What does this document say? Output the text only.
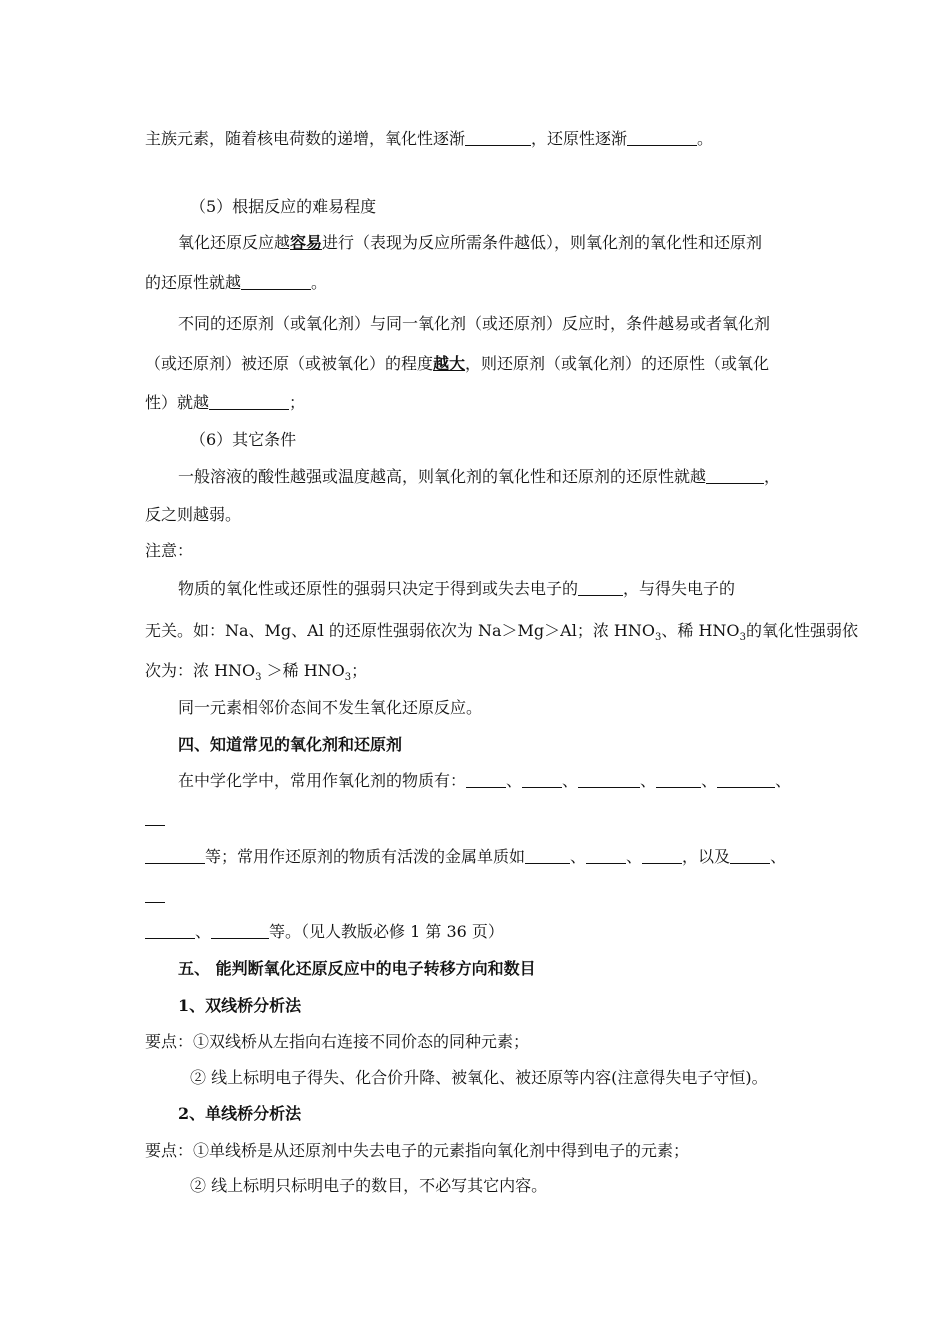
主族元素，随着核电荷数的递增，氧化性逐渐	，还原性逐渐	。
（5）根据反应的难易程度
氧化还原反应越容易进行（表现为反应所需条件越低），则氧化剂的氧化性和还原剂
的还原性就越	。
不同的还原剂（或氧化剂）与同一氧化剂（或还原剂）反应时，条件越易或者氧化剂
（或还原剂）被还原（或被氧化）的程度越大，则还原剂（或氧化剂）的还原性（或氧化
性）就越	；
（6）其它条件
一般溶液的酸性越强或温度越高，则氧化剂的氧化性和还原剂的还原性就越	，
反之则越弱。
注意：
物质的氧化性或还原性的强弱只决定于得到或失去电子的	，与得失电子的
无关。如：Na、Mg、Al 的还原性强弱依次为 Na＞Mg＞Al；浓 $HNO_3$、稀 $HNO_3$的氧化性强弱依
次为：浓 $HNO_3$ ＞稀 $HNO_3$；
同一元素相邻价态间不发生氧化还原反应。
四、知道常见的氧化剂和还原剂
在中学化学中，常用作氧化剂的物质有：	、	、	、	、	、
等；常用作还原剂的物质有活泼的金属单质如	、	、	，以及	、
、	等。（见人教版必修 1 第 36 页）
五、 能判断氧化还原反应中的电子转移方向和数目
1、双线桥分析法
要点：①双线桥从左指向右连接不同价态的同种元素；
② 线上标明电子得失、化合价升降、被氧化、被还原等内容(注意得失电子守恒)。
2、单线桥分析法
要点：①单线桥是从还原剂中失去电子的元素指向氧化剂中得到电子的元素；
② 线上标明只标明电子的数目，不必写其它内容。
